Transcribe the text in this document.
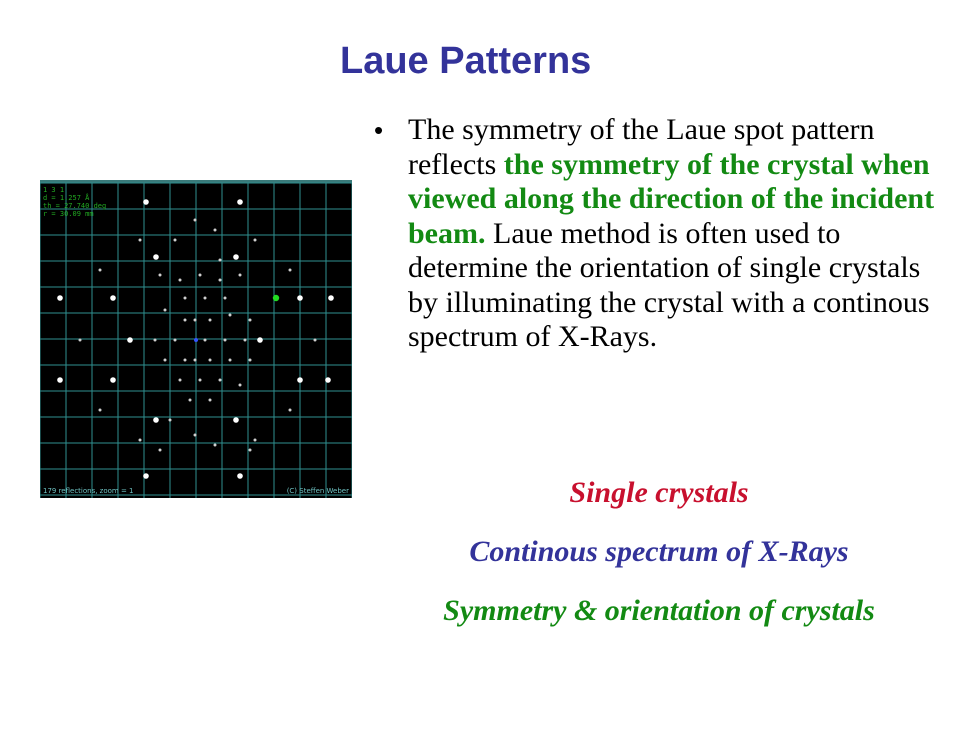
Laue Patterns
1 3 1
d = 1.257 Å
th = 27.740 deg
r = 30.09 mm
179 reflections, zoom = 1	(C) Steffen Weber
• The symmetry of the Laue spot pattern reflects the symmetry of the crystal when viewed along the direction of the incident beam. Laue method is often used to determine the orientation of single crystals by illuminating the crystal with a continous spectrum of X-Rays.
Single crystals
Continous spectrum of X-Rays
Symmetry & orientation of crystals
